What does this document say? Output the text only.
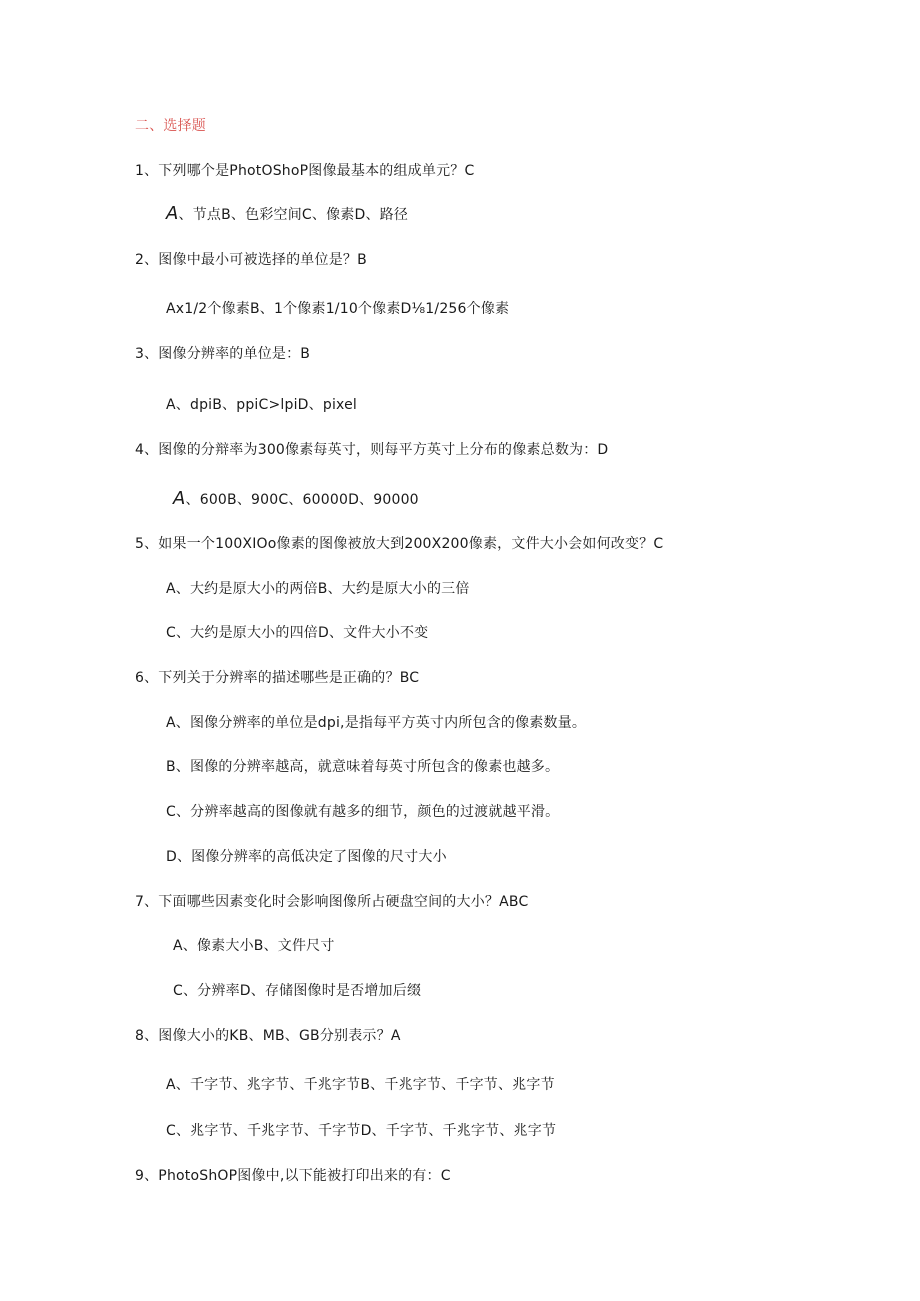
二、选择题
1、下列哪个是PhotOShoP图像最基本的组成单元？C
A、节点B、色彩空间C、像素D、路径
2、图像中最小可被选择的单位是？B
Ax1/2个像素B、1个像素1/10个像素D⅛1/256个像素
3、图像分辨率的单位是：B
A、dpiB、ppiC>lpiD、pixel
4、图像的分辩率为300像素每英寸，则每平方英寸上分布的像素总数为：D
A、600B、900C、60000D、90000
5、如果一个100XIOo像素的图像被放大到200X200像素，文件大小会如何改变？C
A、大约是原大小的两倍B、大约是原大小的三倍
C、大约是原大小的四倍D、文件大小不变
6、下列关于分辨率的描述哪些是正确的？BC
A、图像分辨率的单位是dpi,是指每平方英寸内所包含的像素数量。
B、图像的分辨率越高，就意味着每英寸所包含的像素也越多。
C、分辨率越高的图像就有越多的细节，颜色的过渡就越平滑。
D、图像分辨率的高低决定了图像的尺寸大小
7、下面哪些因素变化时会影响图像所占硬盘空间的大小？ABC
A、像素大小B、文件尺寸
C、分辨率D、存储图像时是否增加后缀
8、图像大小的KB、MB、GB分别表示？A
A、千字节、兆字节、千兆字节B、千兆字节、千字节、兆字节
C、兆字节、千兆字节、千字节D、千字节、千兆字节、兆字节
9、PhotoShOP图像中,以下能被打印出来的有：C
